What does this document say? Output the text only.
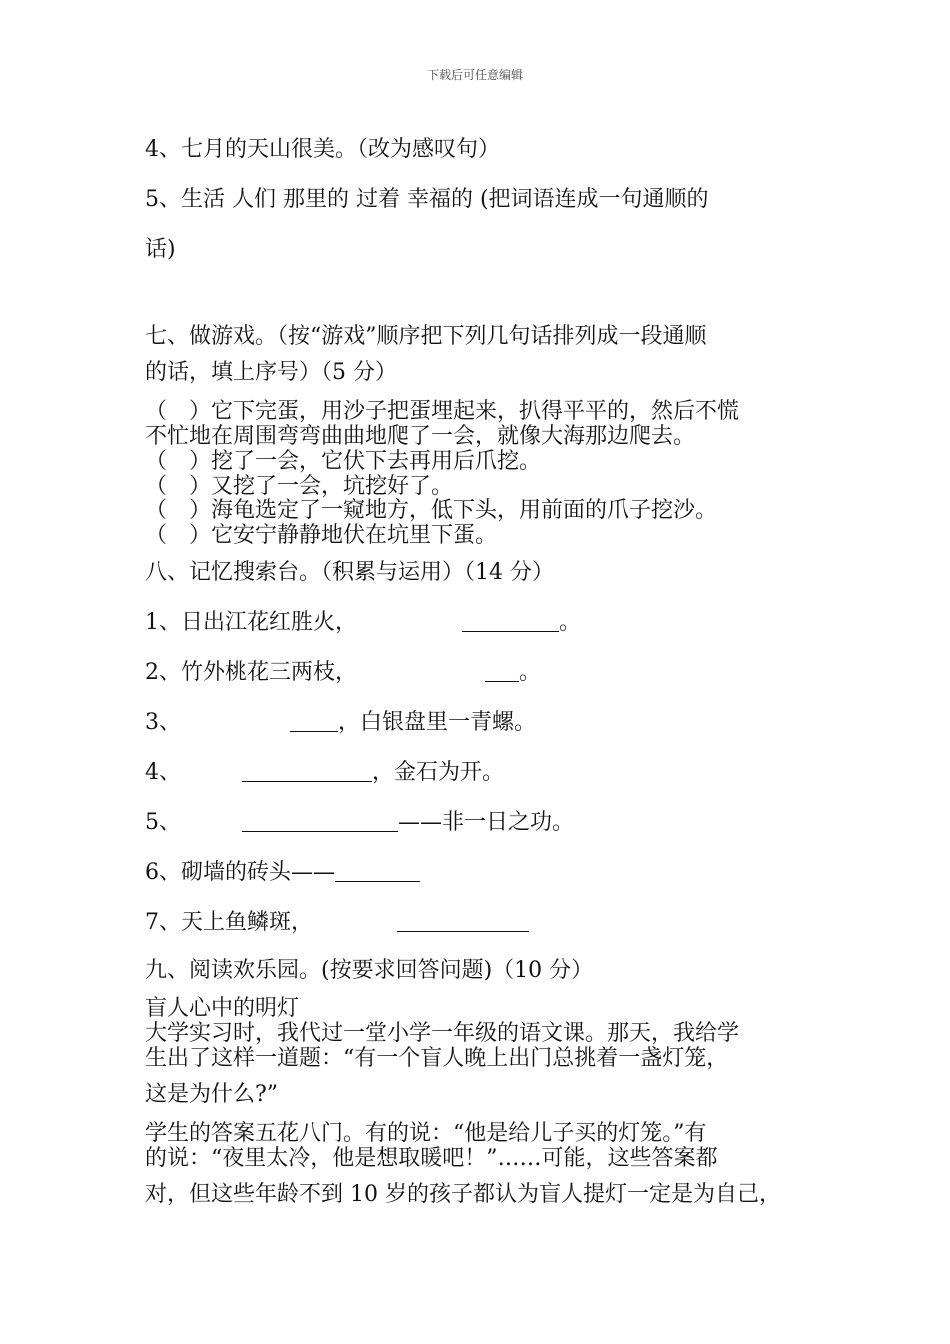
下载后可任意编辑
4、七月的天山很美。（改为感叹句）
5、生活 人们 那里的 过着 幸福的 (把词语连成一句通顺的
话)
七、做游戏。（按“游戏”顺序把下列几句话排列成一段通顺
的话，填上序号）（5 分）
（　）它下完蛋，用沙子把蛋埋起来，扒得平平的，然后不慌
不忙地在周围弯弯曲曲地爬了一会，就像大海那边爬去。
（　）挖了一会，它伏下去再用后爪挖。
（　）又挖了一会，坑挖好了。
（　）海龟选定了一窥地方，低下头，用前面的爪子挖沙。
（　）它安宁静静地伏在坑里下蛋。
八、记忆搜索台。（积累与运用）（14 分）
1、日出江花红胜火，	。
2、竹外桃花三两枝，	。
3、	，白银盘里一青螺。
4、	，金石为开。
5、	——非一日之功。
6、砌墙的砖头——
7、天上鱼鳞斑，
九、阅读欢乐园。(按要求回答问题)（10 分）
盲人心中的明灯
大学实习时，我代过一堂小学一年级的语文课。那天，我给学
生出了这样一道题：“有一个盲人晚上出门总挑着一盏灯笼，
这是为什么?”
学生的答案五花八门。有的说：“他是给儿子买的灯笼。”有
的说：“夜里太冷，他是想取暖吧！”……可能，这些答案都
对，但这些年龄不到 10 岁的孩子都认为盲人提灯一定是为自己，
